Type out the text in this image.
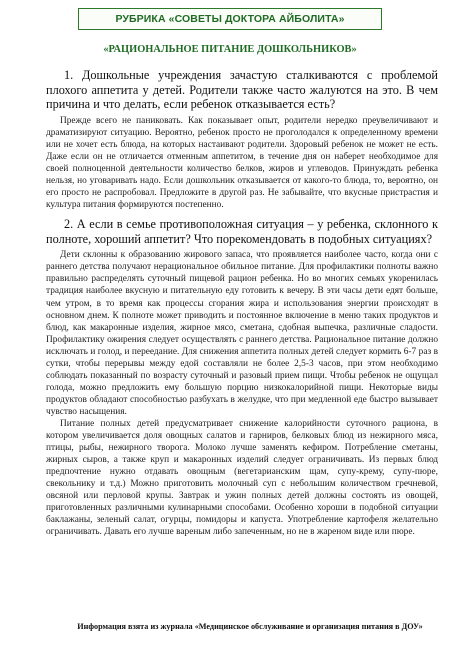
РУБРИКА «СОВЕТЫ ДОКТОРА АЙБОЛИТА»
«РАЦИОНАЛЬНОЕ ПИТАНИЕ ДОШКОЛЬНИКОВ»

1. Дошкольные учреждения зачастую сталкиваются с проблемой плохого аппетита у детей. Родители также часто жалуются на это. В чем причина и что делать, если ребенок отказывается есть?

Прежде всего не паниковать. Как показывает опыт, родители нередко преувеличивают и драматизируют ситуацию. Вероятно, ребенок просто не проголодался к определенному времени или не хочет есть блюда, на которых настаивают родители. Здоровый ребенок не может не есть. Даже если он не отличается отменным аппетитом, в течение дня он наберет необходимое для своей полноценной деятельности количество белков, жиров и углеводов. Принуждать ребенка нельзя, но уговаривать надо. Если дошкольник отказывается от какого-то блюда, то, вероятно, он его просто не распробовал. Предложите в другой раз. Не забывайте, что вкусные пристрастия и культура питания формируются постепенно.

2. А если в семье противоположная ситуация – у ребенка, склонного к полноте, хороший аппетит? Что порекомендовать в подобных ситуациях?

Дети склонны к образованию жирового запаса, что проявляется наиболее часто, когда они с раннего детства получают нерациональное обильное питание. Для профилактики полноты важно правильно распределять суточный пищевой рацион ребенка. Но во многих семьях укоренилась традиция наиболее вкусную и питательную еду готовить к вечеру. В эти часы дети едят больше, чем утром, в то время как процессы сгорания жира и использования энергии происходят в основном днем. К полноте может приводить и постоянное включение в меню таких продуктов и блюд, как макаронные изделия, жирное мясо, сметана, сдобная выпечка, различные сладости. Профилактику ожирения следует осуществлять с раннего детства. Рациональное питание должно исключать и голод, и переедание. Для снижения аппетита полных детей следует кормить 6-7 раз в сутки, чтобы перерывы между едой составляли не более 2,5-3 часов, при этом необходимо соблюдать показанный по возрасту суточный и разовый прием пищи. Чтобы ребенок не ощущал голода, можно предложить ему большую порцию низкокалорийной пищи. Некоторые виды продуктов обладают способностью разбухать в желудке, что при медленной еде быстро вызывает чувство насыщения.

Питание полных детей предусматривает снижение калорийности суточного рациона, в котором увеличивается доля овощных салатов и гарниров, белковых блюд из нежирного мяса, птицы, рыбы, нежирного творога. Молоко лучше заменять кефиром. Потребление сметаны, жирных сыров, а также круп и макаронных изделий следует ограничивать. Из первых блюд предпочтение нужно отдавать овощным (вегетарианским щам, супу-крему, супу-пюре, свекольнику и т.д.) Можно приготовить молочный суп с небольшим количеством гречневой, овсяной или перловой крупы. Завтрак и ужин полных детей должны состоять из овощей, приготовленных различными кулинарными способами. Особенно хороши в подобной ситуации баклажаны, зеленый салат, огурцы, помидоры и капуста. Употребление картофеля желательно ограничивать. Давать его лучше вареным либо запеченным, но не в жареном виде или пюре.

Информация взята из журнала «Медицинское обслуживание и организация питания в ДОУ»
